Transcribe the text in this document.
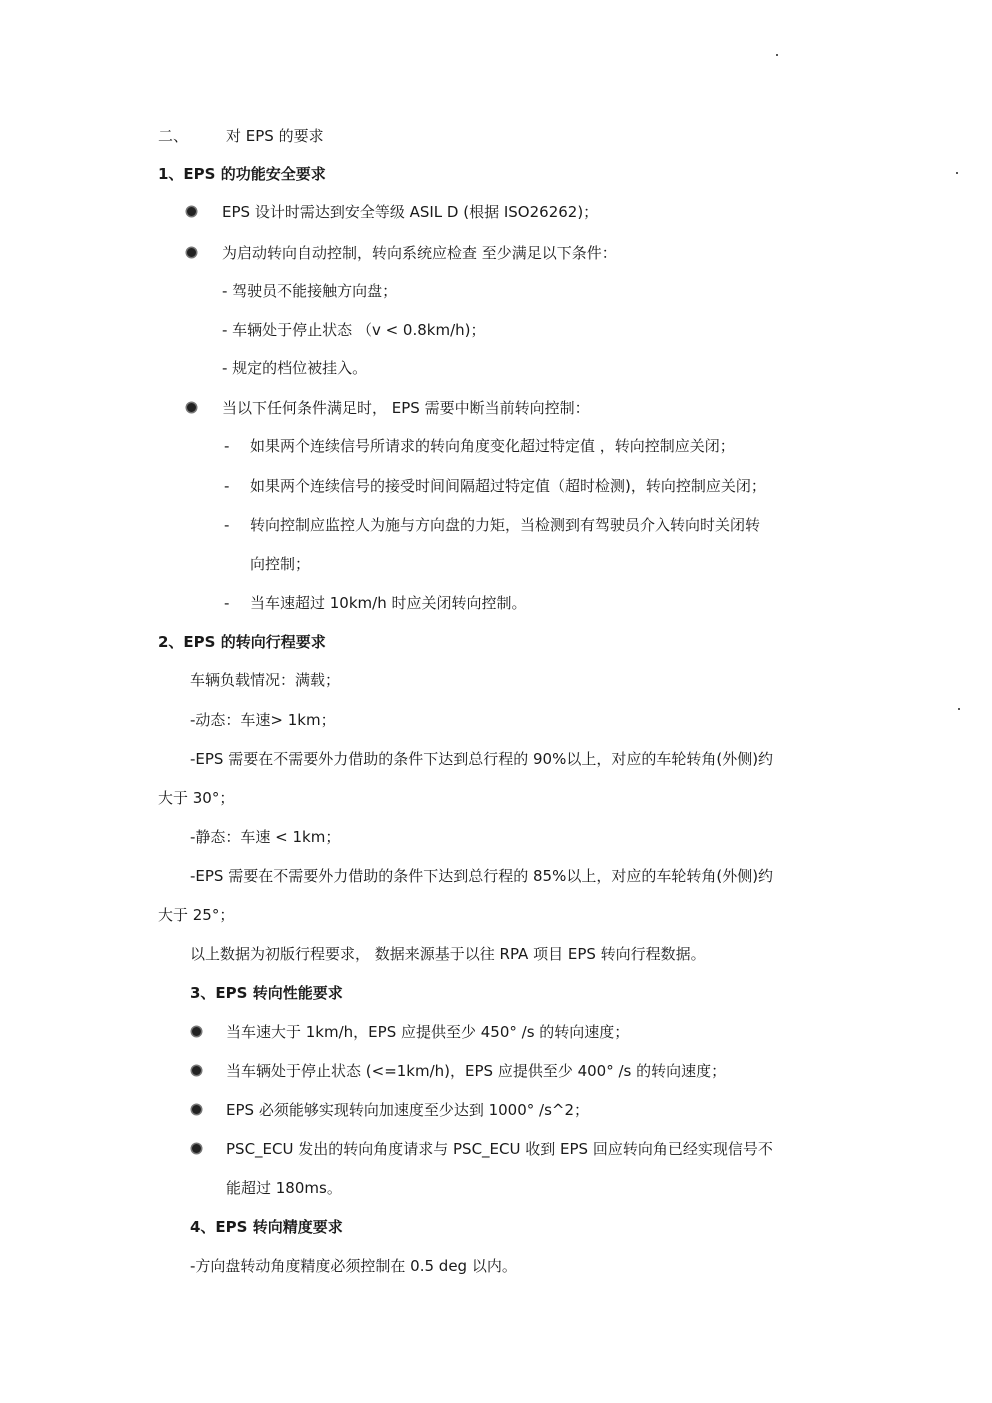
二、	对 EPS 的要求
1、EPS 的功能安全要求
EPS 设计时需达到安全等级 ASIL D (根据 ISO26262)；
为启动转向自动控制，转向系统应检查 至少满足以下条件：
- 驾驶员不能接触方向盘；
- 车辆处于停止状态 （v < 0.8km/h)；
- 规定的档位被挂入。
当以下任何条件满足时， EPS 需要中断当前转向控制：
- 如果两个连续信号所请求的转向角度变化超过特定值 ，转向控制应关闭；
- 如果两个连续信号的接受时间间隔超过特定值（超时检测)，转向控制应关闭；
- 转向控制应监控人为施与方向盘的力矩，当检测到有驾驶员介入转向时关闭转
向控制；
- 当车速超过 10km/h 时应关闭转向控制。
2、EPS 的转向行程要求
车辆负载情况：满载；
-动态：车速> 1km；
-EPS 需要在不需要外力借助的条件下达到总行程的 90%以上，对应的车轮转角(外侧)约
大于 30°；
-静态：车速 < 1km；
-EPS 需要在不需要外力借助的条件下达到总行程的 85%以上，对应的车轮转角(外侧)约
大于 25°；
以上数据为初版行程要求， 数据来源基于以往 RPA 项目 EPS 转向行程数据。
3、EPS 转向性能要求
当车速大于 1km/h，EPS 应提供至少 450° /s 的转向速度；
当车辆处于停止状态 (<=1km/h)，EPS 应提供至少 400° /s 的转向速度；
EPS 必须能够实现转向加速度至少达到 1000° /s^2；
PSC_ECU 发出的转向角度请求与 PSC_ECU 收到 EPS 回应转向角已经实现信号不
能超过 180ms。
4、EPS 转向精度要求
-方向盘转动角度精度必须控制在 0.5 deg 以内。
